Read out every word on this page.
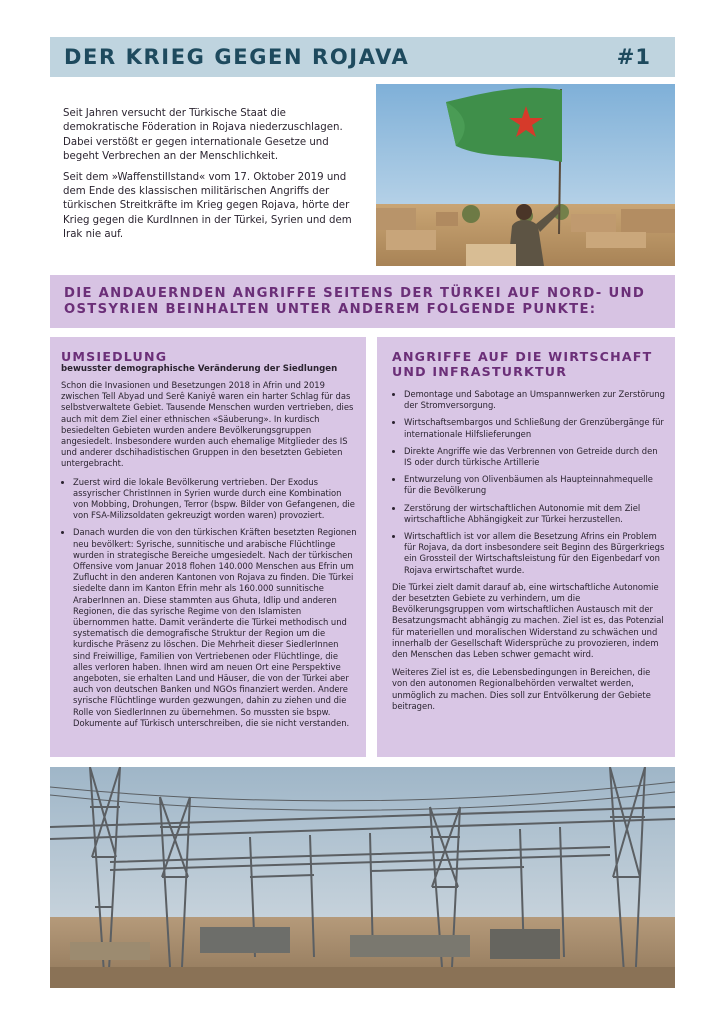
DER KRIEG GEGEN ROJAVA	#1

Seit Jahren versucht der Türkische Staat die demokratische Föderation in Rojava niederzuschlagen. Dabei verstößt er gegen internationale Gesetze und begeht Verbrechen an der Menschlichkeit.

Seit dem »Waffenstillstand« vom 17. Oktober 2019 und dem Ende des klassischen militärischen Angriffs der türkischen Streitkräfte im Krieg gegen Rojava, hörte der Krieg gegen die KurdInnen in der Türkei, Syrien und dem Irak nie auf.

DIE ANDAUERNDEN ANGRIFFE SEITENS DER TÜRKEI AUF NORD- UND OSTSYRIEN BEINHALTEN UNTER ANDEREM FOLGENDE PUNKTE:
UMSIEDLUNG
bewusster demographische Veränderung der Siedlungen

Schon die Invasionen und Besetzungen 2018 in Afrin und 2019 zwischen Tell Abyad und Serê Kaniyê waren ein harter Schlag für das selbstverwaltete Gebiet. Tausende Menschen wurden vertrieben, dies auch mit dem Ziel einer ethnischen «Säuberung». In kurdisch besiedelten Gebieten wurden andere Bevölkerungsgruppen angesiedelt. Insbesondere wurden auch ehemalige Mitglieder des IS und anderer dschihadistischen Gruppen in den besetzten Gebieten untergebracht.

• Zuerst wird die lokale Bevölkerung vertrieben. Der Exodus assyrischer ChristInnen in Syrien wurde durch eine Kombination von Mobbing, Drohungen, Terror (bspw. Bilder von Gefangenen, die von FSA-Milizsoldaten gekreuzigt worden waren) provoziert.
• Danach wurden die von den türkischen Kräften besetzten Regionen neu bevölkert: Syrische, sunnitische und arabische Flüchtlinge wurden in strategische Bereiche umgesiedelt. Nach der türkischen Offensive vom Januar 2018 flohen 140.000 Menschen aus Efrin um Zuflucht in den anderen Kantonen von Rojava zu finden. Die Türkei siedelte dann im Kanton Efrin mehr als 160.000 sunnitische AraberInnen an. Diese stammten aus Ghuta, Idlip und anderen Regionen, die das syrische Regime von den Islamisten übernommen hatte. Damit veränderte die Türkei methodisch und systematisch die demografische Struktur der Region um die kurdische Präsenz zu löschen. Die Mehrheit dieser SiedlerInnen sind Freiwillige, Familien von Vertriebenen oder Flüchtlinge, die alles verloren haben. Ihnen wird am neuen Ort eine Perspektive angeboten, sie erhalten Land und Häuser, die von der Türkei aber auch von deutschen Banken und NGOs finanziert werden. Andere syrische Flüchtlinge wurden gezwungen, dahin zu ziehen und die Rolle von SiedlerInnen zu übernehmen. So mussten sie bspw. Dokumente auf Türkisch unterschreiben, die sie nicht verstanden.
ANGRIFFE AUF DIE WIRTSCHAFT UND INFRASTURKTUR
• Demontage und Sabotage an Umspannwerken zur Zerstörung der Stromversorgung.
• Wirtschaftsembargos und Schließung der Grenzübergänge für internationale Hilfslieferungen
• Direkte Angriffe wie das Verbrennen von Getreide durch den IS oder durch türkische Artillerie
• Entwurzelung von Olivenbäumen als Haupteinnahmequelle für die Bevölkerung
• Zerstörung der wirtschaftlichen Autonomie mit dem Ziel wirtschaftliche Abhängigkeit zur Türkei herzustellen.
• Wirtschaftlich ist vor allem die Besetzung Afrins ein Problem für Rojava, da dort insbesondere seit Beginn des Bürgerkriegs ein Grossteil der Wirtschaftsleistung für den Eigenbedarf von Rojava erwirtschaftet wurde.

Die Türkei zielt damit darauf ab, eine wirtschaftliche Autonomie der besetzten Gebiete zu verhindern, um die Bevölkerungsgruppen vom wirtschaftlichen Austausch mit der Besatzungsmacht abhängig zu machen. Ziel ist es, das Potenzial für materiellen und moralischen Widerstand zu schwächen und innerhalb der Gesellschaft Widersprüche zu provozieren, indem den Menschen das Leben schwer gemacht wird.

Weiteres Ziel ist es, die Lebensbedingungen in Bereichen, die von den autonomen Regionalbehörden verwaltet werden, unmöglich zu machen. Dies soll zur Entvölkerung der Gebiete beitragen.
